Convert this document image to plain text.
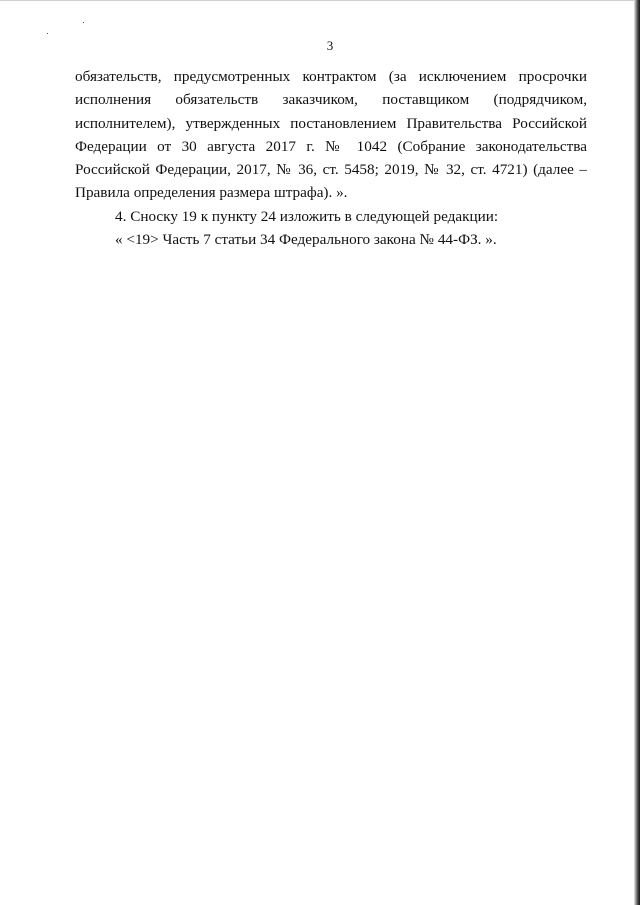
3

обязательств, предусмотренных контрактом (за исключением просрочки исполнения обязательств заказчиком, поставщиком (подрядчиком, исполнителем), утвержденных постановлением Правительства Российской Федерации от 30 августа 2017 г. № 1042 (Собрание законодательства Российской Федерации, 2017, № 36, ст. 5458; 2019, № 32, ст. 4721) (далее – Правила определения размера штрафа). ».

4. Сноску 19 к пункту 24 изложить в следующей редакции:

« <19> Часть 7 статьи 34 Федерального закона № 44-ФЗ. ».
